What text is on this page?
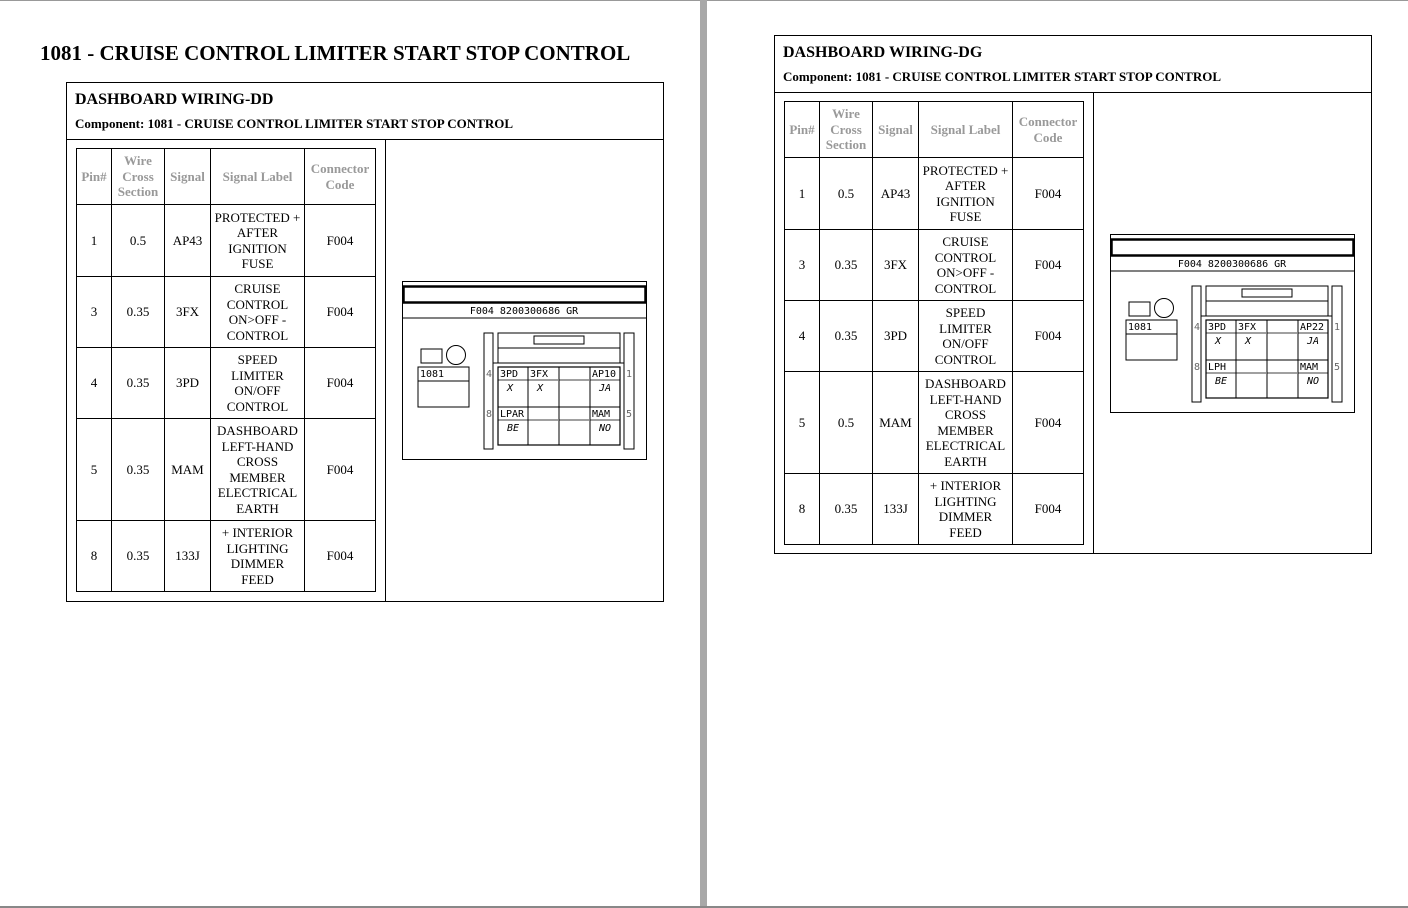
1081 - CRUISE CONTROL LIMITER START STOP CONTROL
DASHBOARD WIRING-DD
Component: 1081 - CRUISE CONTROL LIMITER START STOP CONTROL
Pin#	Wire Cross Section	Signal	Signal Label	Connector Code
1	0.5	AP43	PROTECTED + AFTER IGNITION FUSE	F004
3	0.35	3FX	CRUISE CONTROL ON>OFF - CONTROL	F004
4	0.35	3PD	SPEED LIMITER ON/OFF CONTROL	F004
5	0.35	MAM	DASHBOARD LEFT-HAND CROSS MEMBER ELECTRICAL EARTH	F004
8	0.35	133J	+ INTERIOR LIGHTING DIMMER FEED	F004
F004 8200300686 GR
1081	3PD
X
3FX
X
AP10
JA
LPAR
BE
MAM
NO
4	1
8	5
DASHBOARD WIRING-DG
Component: 1081 - CRUISE CONTROL LIMITER START STOP CONTROL
Pin#	Wire Cross Section	Signal	Signal Label	Connector Code
1	0.5	AP43	PROTECTED + AFTER IGNITION FUSE	F004
3	0.35	3FX	CRUISE CONTROL ON>OFF - CONTROL	F004
4	0.35	3PD	SPEED LIMITER ON/OFF CONTROL	F004
5	0.5	MAM	DASHBOARD LEFT-HAND CROSS MEMBER ELECTRICAL EARTH	F004
8	0.35	133J	+ INTERIOR LIGHTING DIMMER FEED	F004
F004 8200300686 GR
1081	3PD
X
3FX
X
AP22
JA
LPH
BE
MAM
NO
4	1
8	5
